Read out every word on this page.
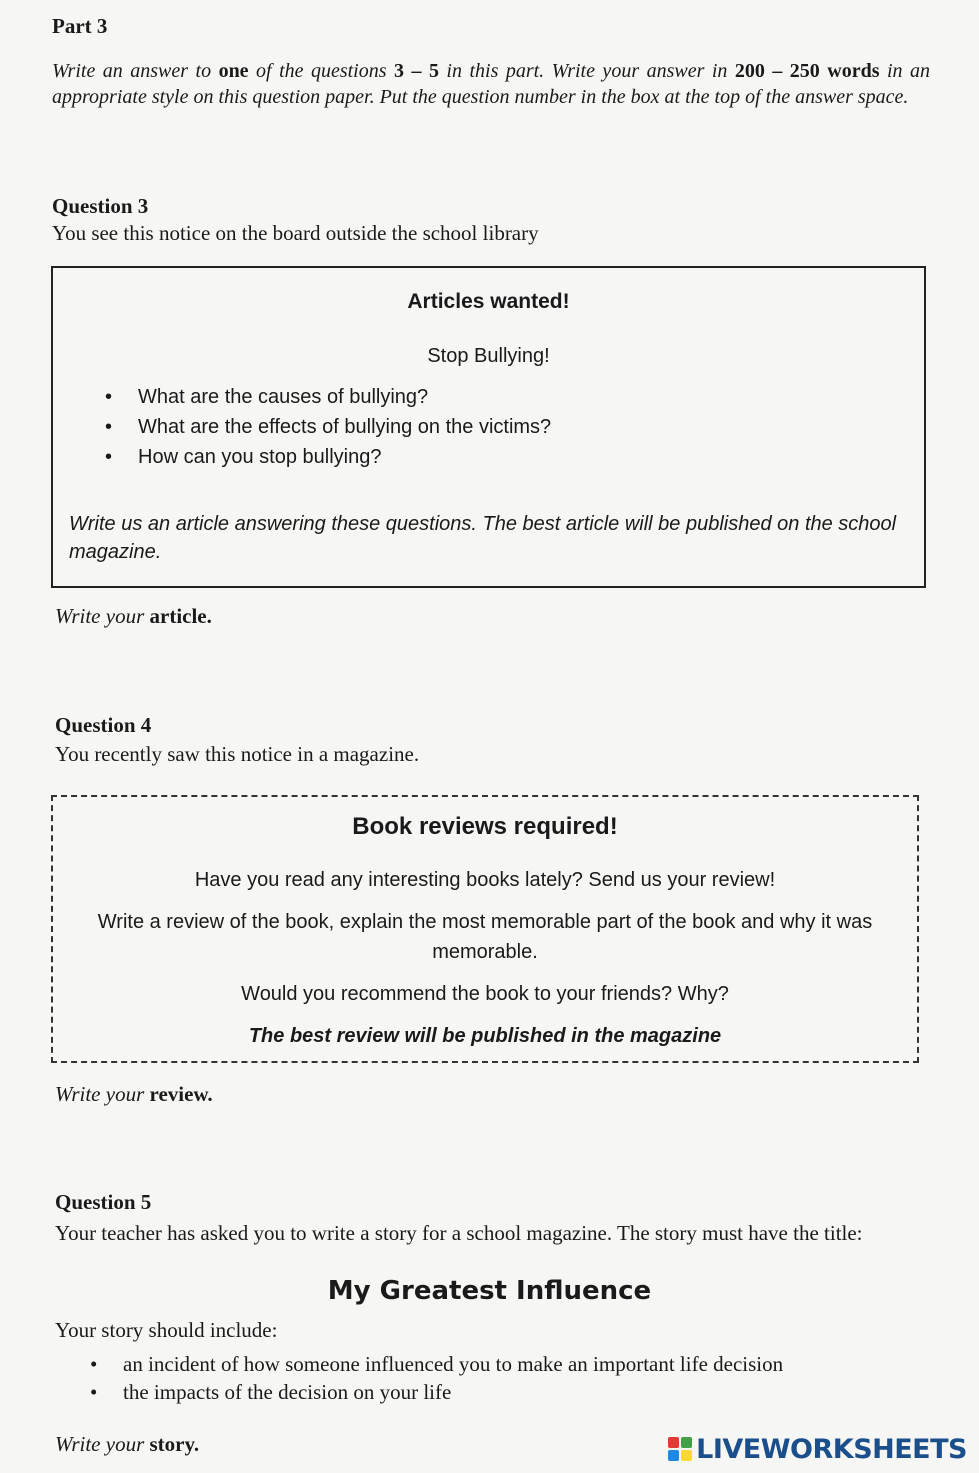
Part 3

Write an answer to one of the questions 3 – 5 in this part. Write your answer in 200 – 250 words in an appropriate style on this question paper. Put the question number in the box at the top of the answer space.

Question 3
You see this notice on the board outside the school library
Articles wanted!
Stop Bullying!
• What are the causes of bullying?
• What are the effects of bullying on the victims?
• How can you stop bullying?
Write us an article answering these questions. The best article will be published on the school magazine.
Write your article.
Question 4
You recently saw this notice in a magazine.
Book reviews required!
Have you read any interesting books lately? Send us your review!
Write a review of the book, explain the most memorable part of the book and why it was memorable.
Would you recommend the book to your friends? Why?
The best review will be published in the magazine
Write your review.
Question 5

Your teacher has asked you to write a story for a school magazine. The story must have the title:

My Greatest Influence
Your story should include:
• an incident of how someone influenced you to make an important life decision
• the impacts of the decision on your life
Write your story.	LIVEWORKSHEETS
